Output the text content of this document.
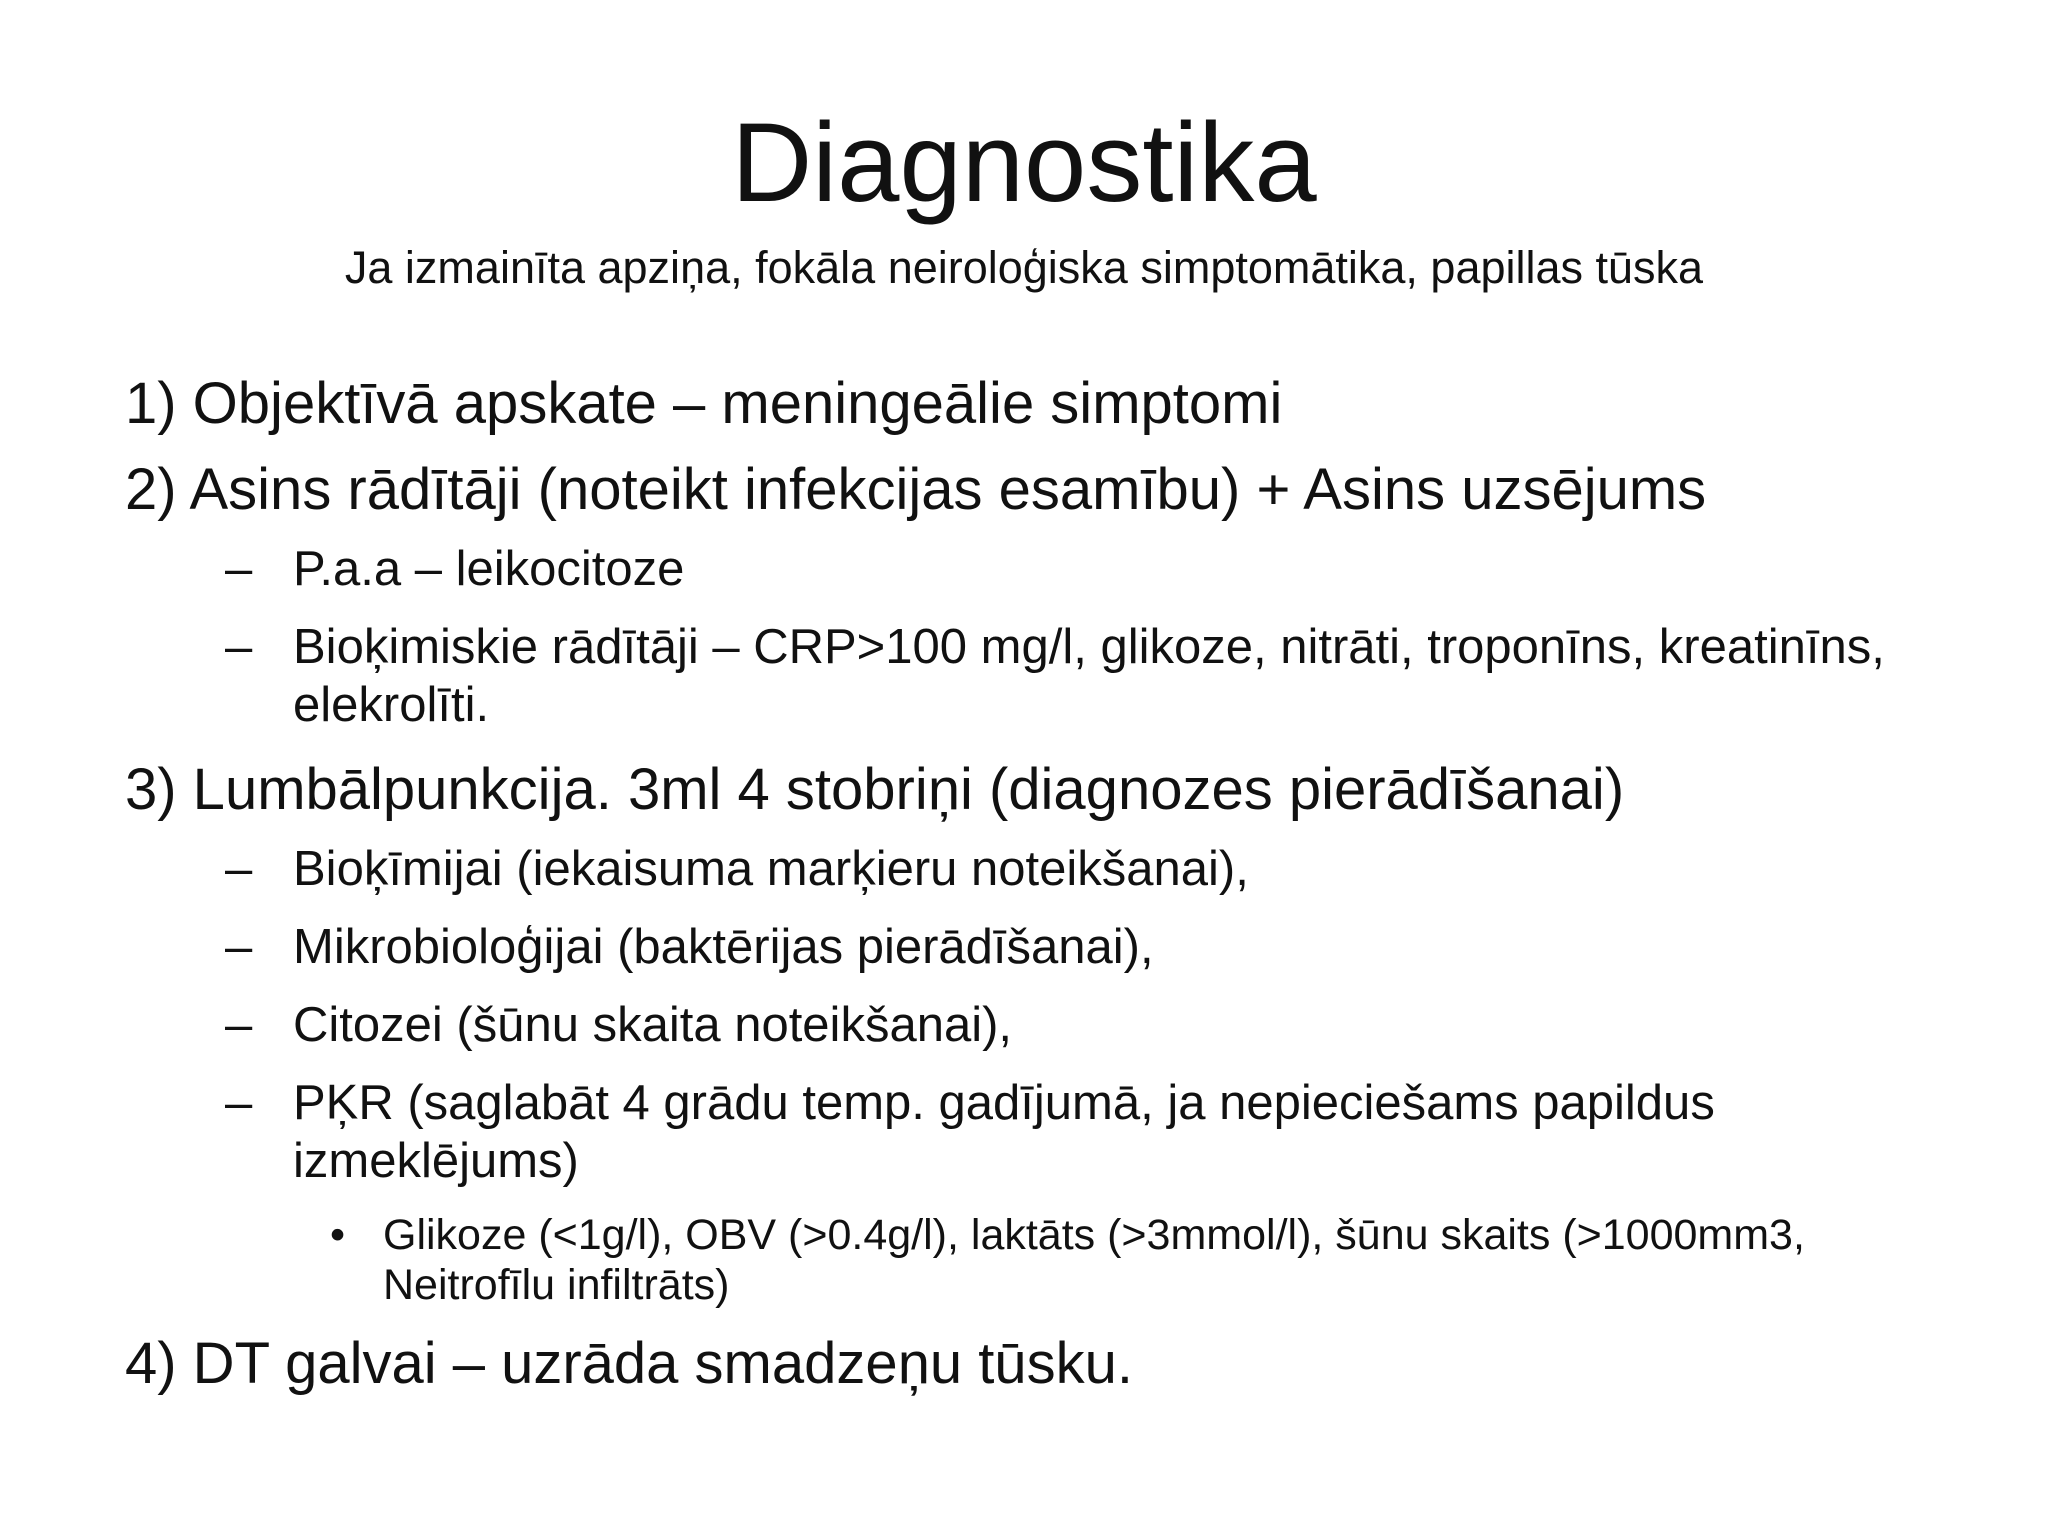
Diagnostika
Ja izmainīta apziņa, fokāla neiroloģiska simptomātika, papillas tūska
1) Objektīvā apskate – meningeālie simptomi
2) Asins rādītāji (noteikt infekcijas esamību) + Asins uzsējums
– P.a.a – leikocitoze
– Bioķimiskie rādītāji – CRP>100 mg/l, glikoze, nitrāti, troponīns, kreatinīns, elekrolīti.
3) Lumbālpunkcija. 3ml 4 stobriņi (diagnozes pierādīšanai)
– Bioķīmijai (iekaisuma marķieru noteikšanai),
– Mikrobioloģijai (baktērijas pierādīšanai),
– Citozei (šūnu skaita noteikšanai),
– PĶR (saglabāt 4 grādu temp. gadījumā, ja nepieciešams papildus izmeklējums)
• Glikoze (<1g/l), OBV (>0.4g/l), laktāts (>3mmol/l), šūnu skaits (>1000mm3, Neitrofīlu infiltrāts)
4) DT galvai – uzrāda smadzeņu tūsku.
